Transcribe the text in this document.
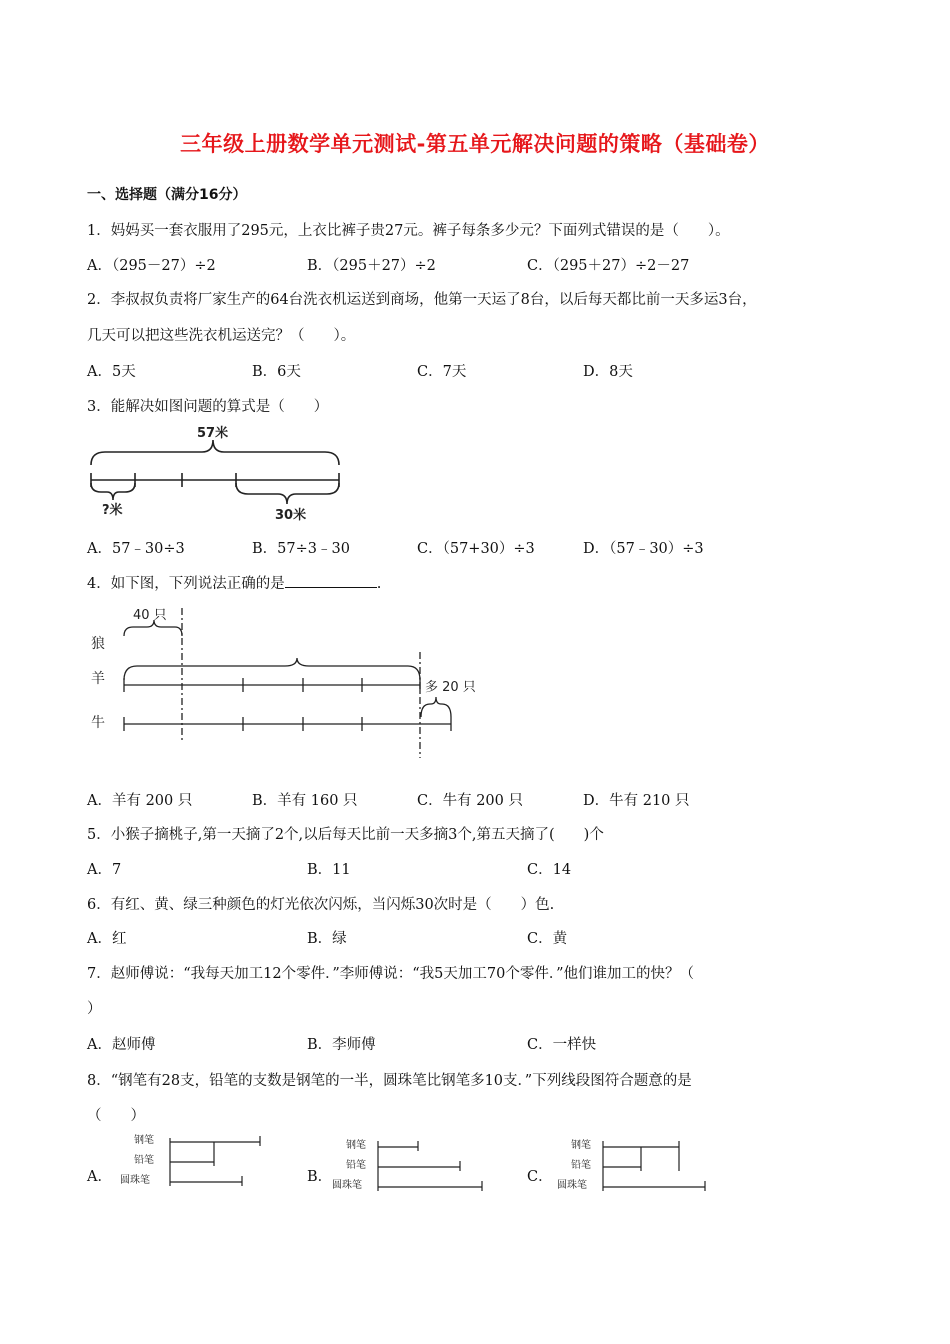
三年级上册数学单元测试-第五单元解决问题的策略（基础卷）
一、选择题（满分16分）
1．妈妈买一套衣服用了295元，上衣比裤子贵27元。裤子每条多少元？下面列式错误的是（　　）。
A．（295－27）÷2	B．（295＋27）÷2	C．（295＋27）÷2－27
2．李叔叔负责将厂家生产的64台洗衣机运送到商场，他第一天运了8台，以后每天都比前一天多运3台，
几天可以把这些洗衣机运送完？（　　）。
A．5天	B．6天	C．7天	D．8天
3．能解决如图问题的算式是（　　）
57米
?米	30米
A．57﹣30÷3	B．57÷3﹣30	C．（57+30）÷3	D．（57﹣30）÷3
4．如下图，下列说法正确的是	.
狼
羊
牛
40 只
多 20 只
A．羊有 200 只	B．羊有 160 只	C．牛有 200 只	D．牛有 210 只
5．小猴子摘桃子,第一天摘了2个,以后每天比前一天多摘3个,第五天摘了(　　)个
A．7	B．11	C．14
6．有红、黄、绿三种颜色的灯光依次闪烁，当闪烁30次时是（　　）色.
A．红	B．绿	C．黄
7．赵师傅说：“我每天加工12个零件．”李师傅说：“我5天加工70个零件．”他们谁加工的快？（
）
A．赵师傅	B．李师傅	C．一样快
8．“钢笔有28支，铅笔的支数是钢笔的一半，圆珠笔比钢笔多10支．”下列线段图符合题意的是
（　　）
A．
钢笔
铅笔
圆珠笔	B．
钢笔
铅笔
圆珠笔
C．
钢笔
铅笔
圆珠笔
